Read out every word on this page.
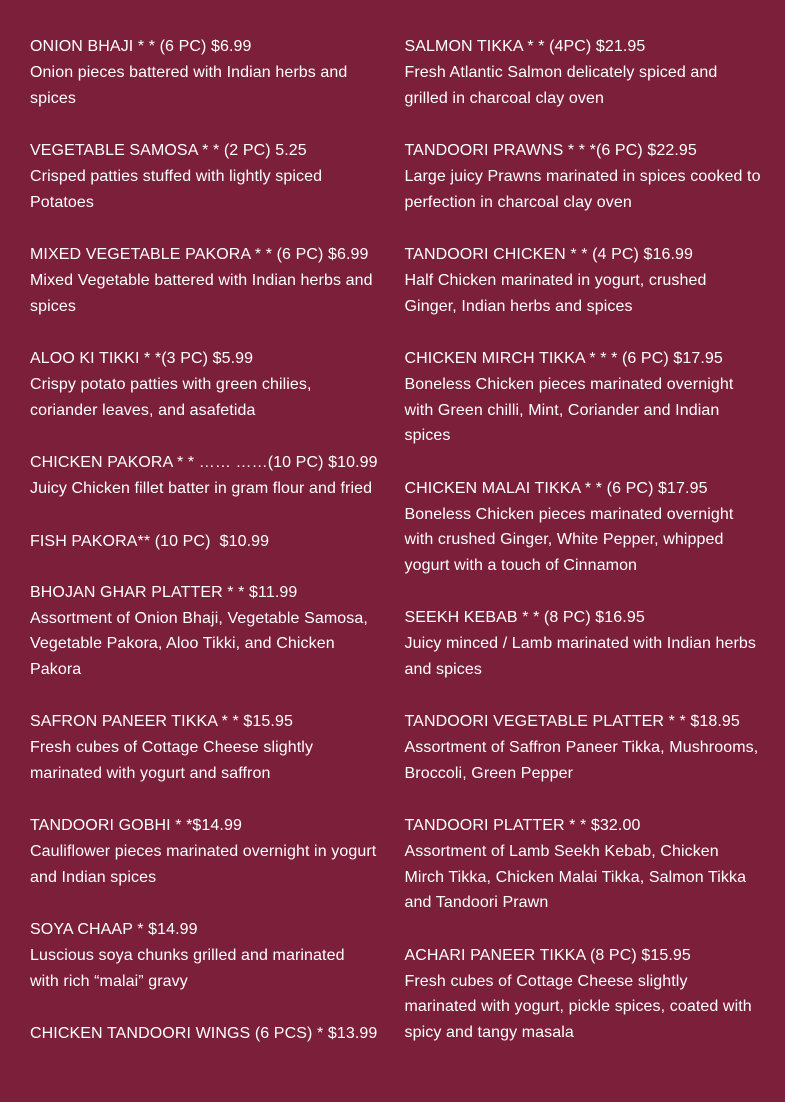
ONION BHAJI * * (6 PC) $6.99
Onion pieces battered with Indian herbs and spices
VEGETABLE SAMOSA * * (2 PC) 5.25
Crisped patties stuffed with lightly spiced Potatoes
MIXED VEGETABLE PAKORA * * (6 PC) $6.99
Mixed Vegetable battered with Indian herbs and spices
ALOO KI TIKKI * *(3 PC) $5.99
Crispy potato patties with green chilies, coriander leaves, and asafetida
CHICKEN PAKORA * * …… ……(10 PC) $10.99
Juicy Chicken fillet batter in gram flour and fried
FISH PAKORA** (10 PC)  $10.99
BHOJAN GHAR PLATTER * * $11.99
Assortment of Onion Bhaji, Vegetable Samosa, Vegetable Pakora, Aloo Tikki, and Chicken Pakora
SAFRON PANEER TIKKA * * $15.95
Fresh cubes of Cottage Cheese slightly marinated with yogurt and saffron
TANDOORI GOBHI * *$14.99
Cauliflower pieces marinated overnight in yogurt and Indian spices
SOYA CHAAP * $14.99
Luscious soya chunks grilled and marinated with rich “malai” gravy
CHICKEN TANDOORI WINGS (6 PCS) * $13.99
SALMON TIKKA * * (4PC) $21.95
Fresh Atlantic Salmon delicately spiced and grilled in charcoal clay oven
TANDOORI PRAWNS * * *(6 PC) $22.95
Large juicy Prawns marinated in spices cooked to perfection in charcoal clay oven
TANDOORI CHICKEN * * (4 PC) $16.99
Half Chicken marinated in yogurt, crushed Ginger, Indian herbs and spices
CHICKEN MIRCH TIKKA * * * (6 PC) $17.95
Boneless Chicken pieces marinated overnight with Green chilli, Mint, Coriander and Indian spices
CHICKEN MALAI TIKKA * * (6 PC) $17.95
Boneless Chicken pieces marinated overnight with crushed Ginger, White Pepper, whipped yogurt with a touch of Cinnamon
SEEKH KEBAB * * (8 PC) $16.95
Juicy minced / Lamb marinated with Indian herbs and spices
TANDOORI VEGETABLE PLATTER * * $18.95
Assortment of Saffron Paneer Tikka, Mushrooms, Broccoli, Green Pepper
TANDOORI PLATTER * * $32.00
Assortment of Lamb Seekh Kebab, Chicken Mirch Tikka, Chicken Malai Tikka, Salmon Tikka and Tandoori Prawn
ACHARI PANEER TIKKA (8 PC) $15.95
Fresh cubes of Cottage Cheese slightly marinated with yogurt, pickle spices, coated with spicy and tangy masala
